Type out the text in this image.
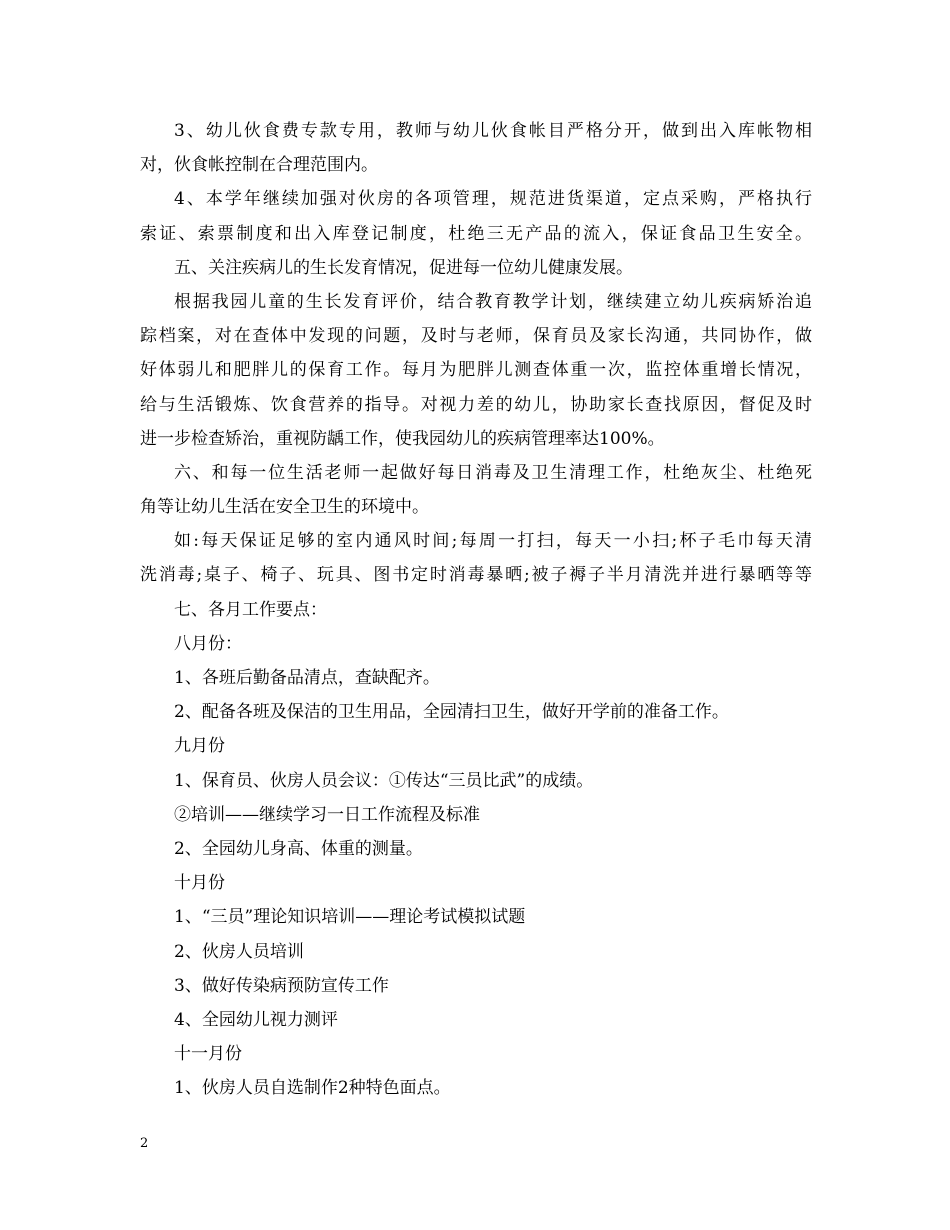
3、幼儿伙食费专款专用，教师与幼儿伙食帐目严格分开，做到出入库帐物相
对，伙食帐控制在合理范围内。
4、本学年继续加强对伙房的各项管理，规范进货渠道，定点采购，严格执行
索证、索票制度和出入库登记制度，杜绝三无产品的流入，保证食品卫生安全。
五、关注疾病儿的生长发育情况，促进每一位幼儿健康发展。
根据我园儿童的生长发育评价，结合教育教学计划，继续建立幼儿疾病矫治追
踪档案，对在查体中发现的问题，及时与老师，保育员及家长沟通，共同协作，做
好体弱儿和肥胖儿的保育工作。每月为肥胖儿测查体重一次，监控体重增长情况，
给与生活锻炼、饮食营养的指导。对视力差的幼儿，协助家长查找原因，督促及时
进一步检查矫治，重视防龋工作，使我园幼儿的疾病管理率达100%。
六、和每一位生活老师一起做好每日消毒及卫生清理工作，杜绝灰尘、杜绝死
角等让幼儿生活在安全卫生的环境中。
如:每天保证足够的室内通风时间;每周一打扫，每天一小扫;杯子毛巾每天清
洗消毒;桌子、椅子、玩具、图书定时消毒暴晒;被子褥子半月清洗并进行暴晒等等
七、各月工作要点：
八月份：
1、各班后勤备品清点，查缺配齐。
2、配备各班及保洁的卫生用品，全园清扫卫生，做好开学前的准备工作。
九月份
1、保育员、伙房人员会议：①传达“三员比武”的成绩。
②培训——继续学习一日工作流程及标准
2、全园幼儿身高、体重的测量。
十月份
1、“三员”理论知识培训——理论考试模拟试题
2、伙房人员培训
3、做好传染病预防宣传工作
4、全园幼儿视力测评
十一月份
1、伙房人员自选制作2种特色面点。
2
